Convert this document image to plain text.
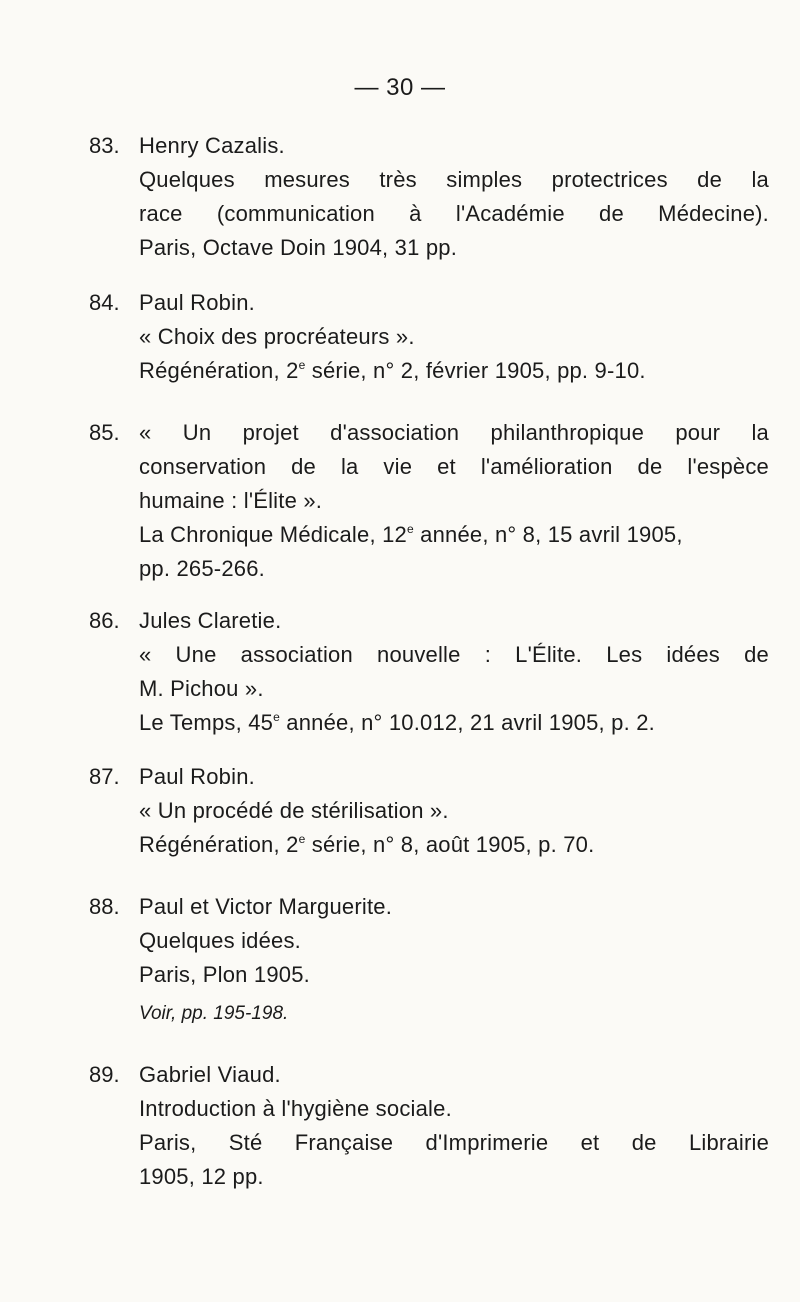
— 30 —
83. Henry Cazalis.
Quelques mesures très simples protectrices de la
race (communication à l'Académie de Médecine).
Paris, Octave Doin 1904, 31 pp.
84. Paul Robin.
« Choix des procréateurs ».
Régénération, 2e série, n° 2, février 1905, pp. 9-10.
85. « Un projet d'association philanthropique pour la
conservation de la vie et l'amélioration de l'espèce
humaine : l'Élite ».
La Chronique Médicale, 12e année, n° 8, 15 avril 1905,
pp. 265-266.
86. Jules Claretie.
« Une association nouvelle : L'Élite. Les idées de
M. Pichou ».
Le Temps, 45e année, n° 10.012, 21 avril 1905, p. 2.
87. Paul Robin.
« Un procédé de stérilisation ».
Régénération, 2e série, n° 8, août 1905, p. 70.
88. Paul et Victor Marguerite.
Quelques idées.
Paris, Plon 1905.
Voir, pp. 195-198.
89. Gabriel Viaud.
Introduction à l'hygiène sociale.
Paris, Sté Française d'Imprimerie et de Librairie
1905, 12 pp.
